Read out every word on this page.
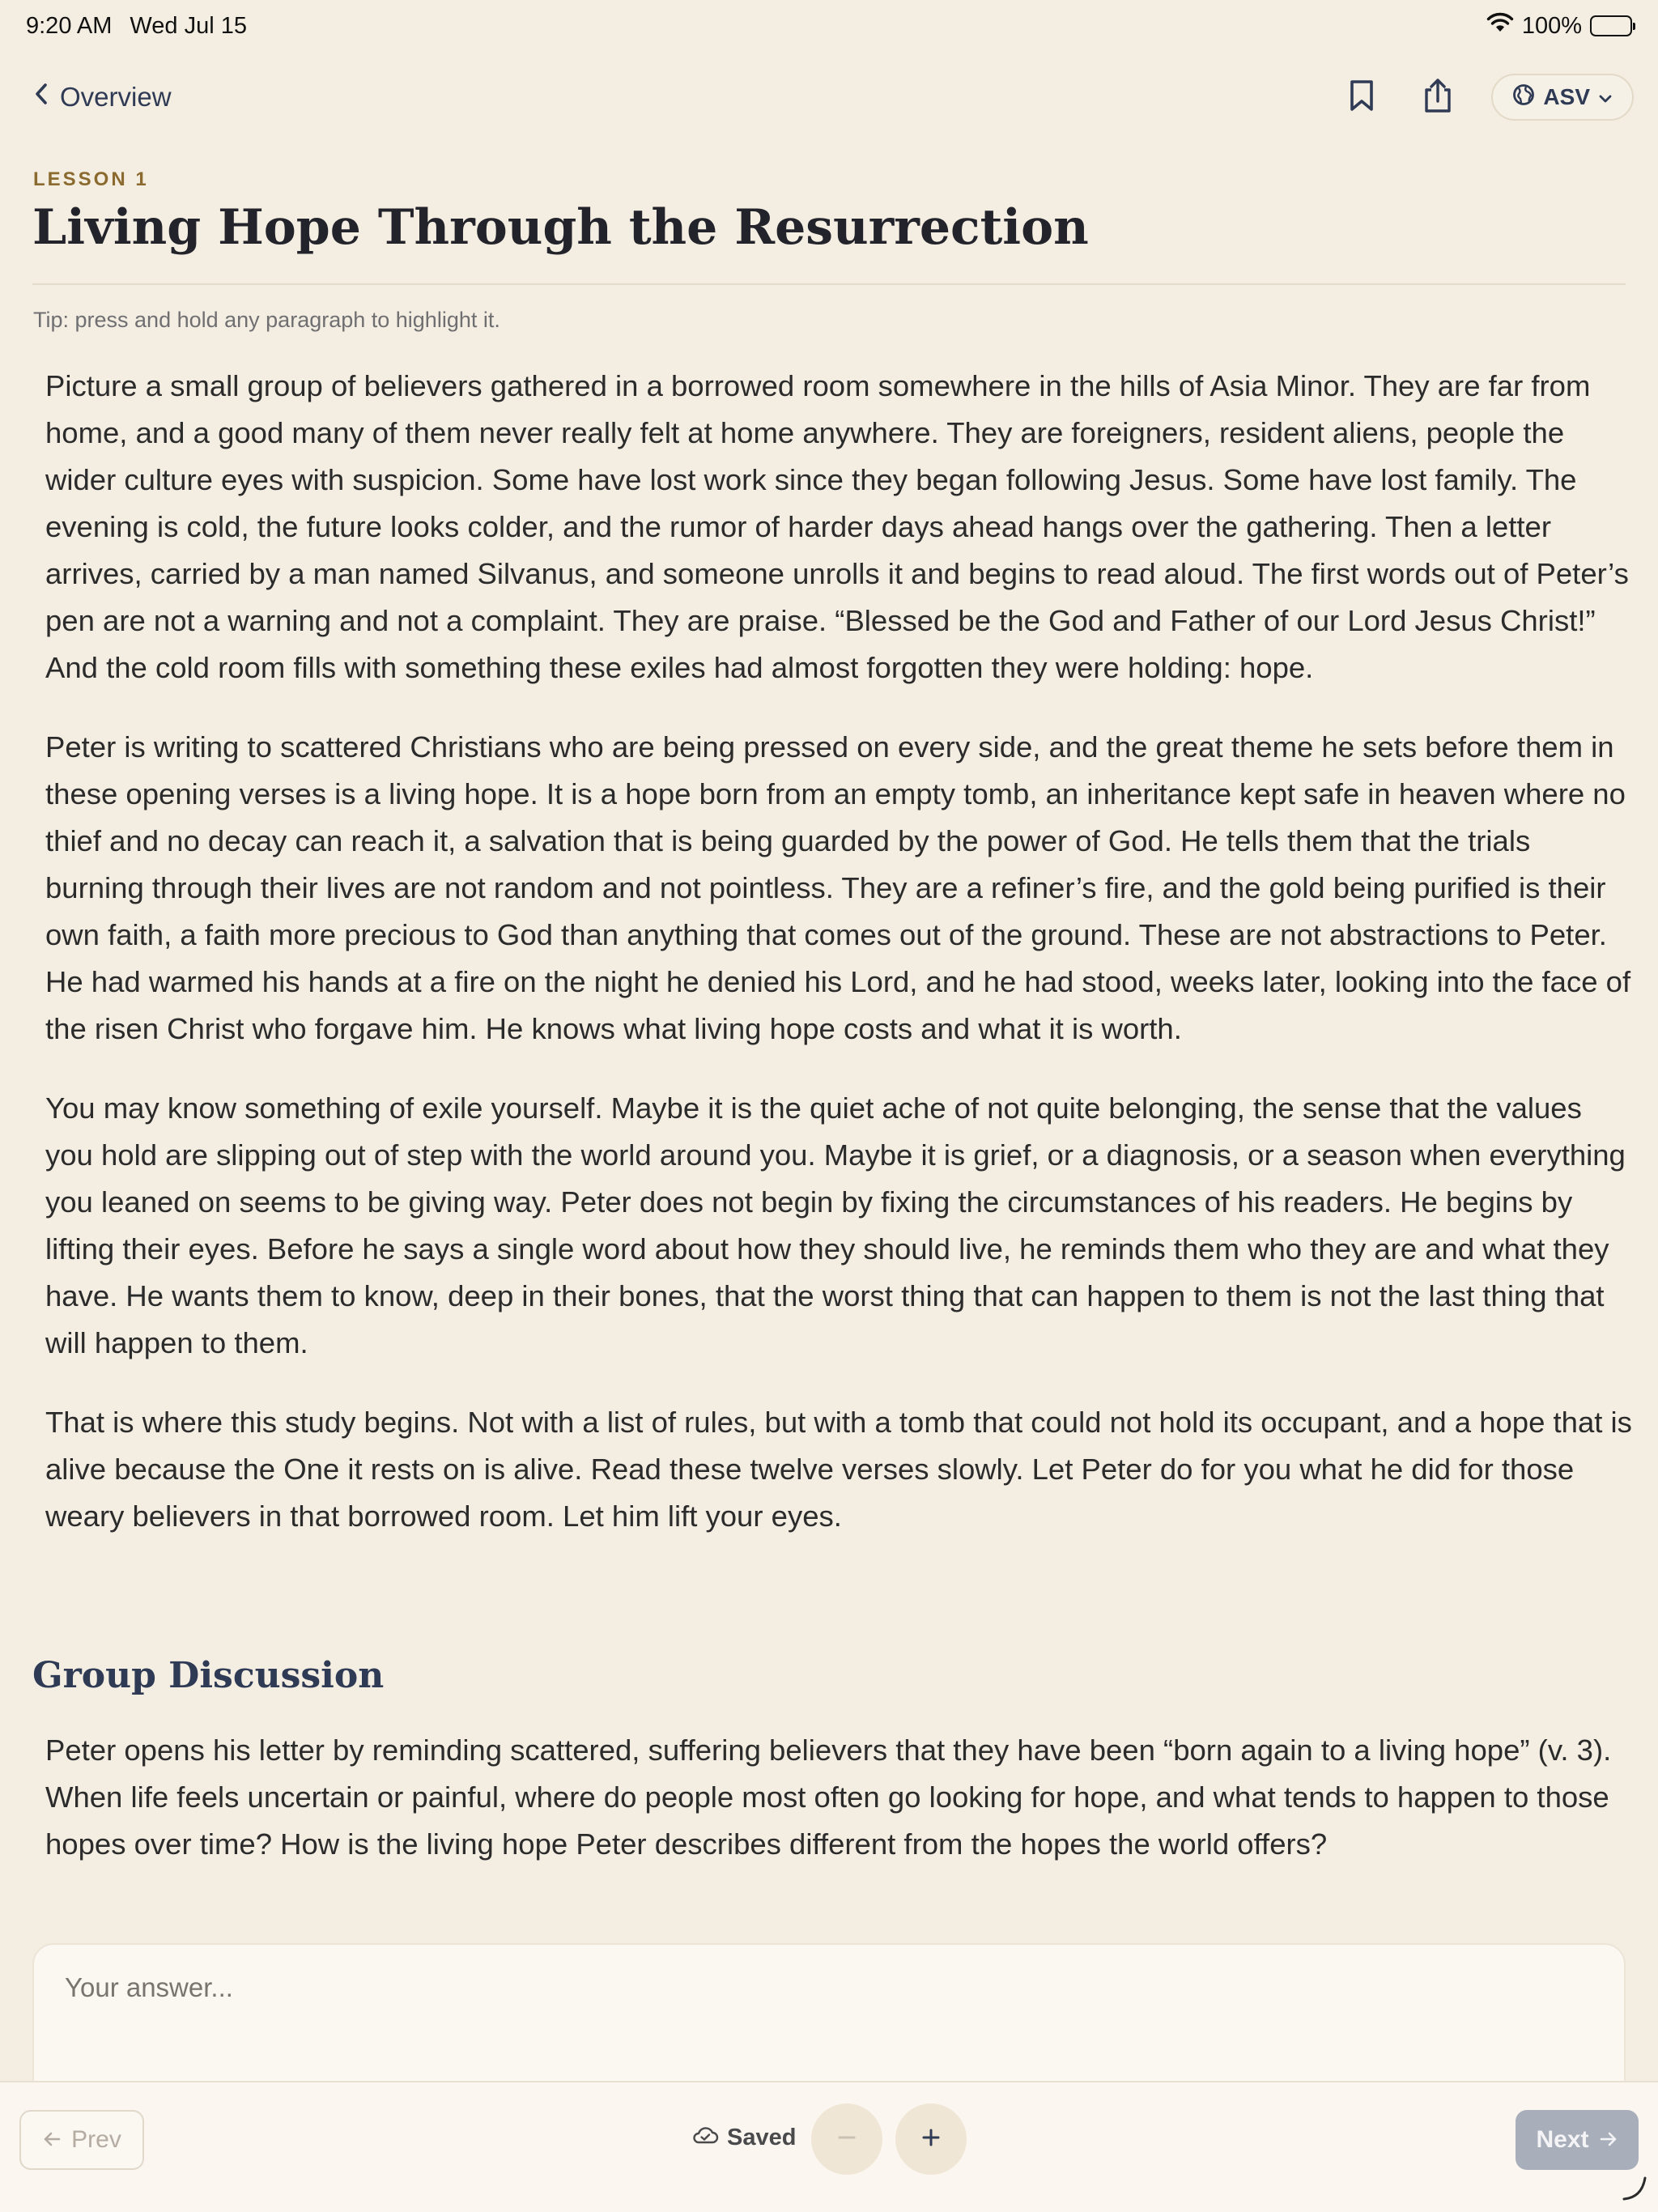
9:20 AM Wed Jul 15	100%
Overview	ASV
LESSON 1
Living Hope Through the Resurrection
Tip: press and hold any paragraph to highlight it.

Picture a small group of believers gathered in a borrowed room somewhere in the hills of Asia Minor. They are far from home, and a good many of them never really felt at home anywhere. They are foreigners, resident aliens, people the wider culture eyes with suspicion. Some have lost work since they began following Jesus. Some have lost family. The evening is cold, the future looks colder, and the rumor of harder days ahead hangs over the gathering. Then a letter arrives, carried by a man named Silvanus, and someone unrolls it and begins to read aloud. The first words out of Peter’s pen are not a warning and not a complaint. They are praise. “Blessed be the God and Father of our Lord Jesus Christ!” And the cold room fills with something these exiles had almost forgotten they were holding: hope.

Peter is writing to scattered Christians who are being pressed on every side, and the great theme he sets before them in these opening verses is a living hope. It is a hope born from an empty tomb, an inheritance kept safe in heaven where no thief and no decay can reach it, a salvation that is being guarded by the power of God. He tells them that the trials burning through their lives are not random and not pointless. They are a refiner’s fire, and the gold being purified is their own faith, a faith more precious to God than anything that comes out of the ground. These are not abstractions to Peter. He had warmed his hands at a fire on the night he denied his Lord, and he had stood, weeks later, looking into the face of the risen Christ who forgave him. He knows what living hope costs and what it is worth.

You may know something of exile yourself. Maybe it is the quiet ache of not quite belonging, the sense that the values you hold are slipping out of step with the world around you. Maybe it is grief, or a diagnosis, or a season when everything you leaned on seems to be giving way. Peter does not begin by fixing the circumstances of his readers. He begins by lifting their eyes. Before he says a single word about how they should live, he reminds them who they are and what they have. He wants them to know, deep in their bones, that the worst thing that can happen to them is not the last thing that will happen to them.

That is where this study begins. Not with a list of rules, but with a tomb that could not hold its occupant, and a hope that is alive because the One it rests on is alive. Read these twelve verses slowly. Let Peter do for you what he did for those weary believers in that borrowed room. Let him lift your eyes.

Group Discussion

Peter opens his letter by reminding scattered, suffering believers that they have been “born again to a living hope” (v. 3). When life feels uncertain or painful, where do people most often go looking for hope, and what tends to happen to those hopes over time? How is the living hope Peter describes different from the hopes the world offers?

Your answer...
Prev	Saved	Next
